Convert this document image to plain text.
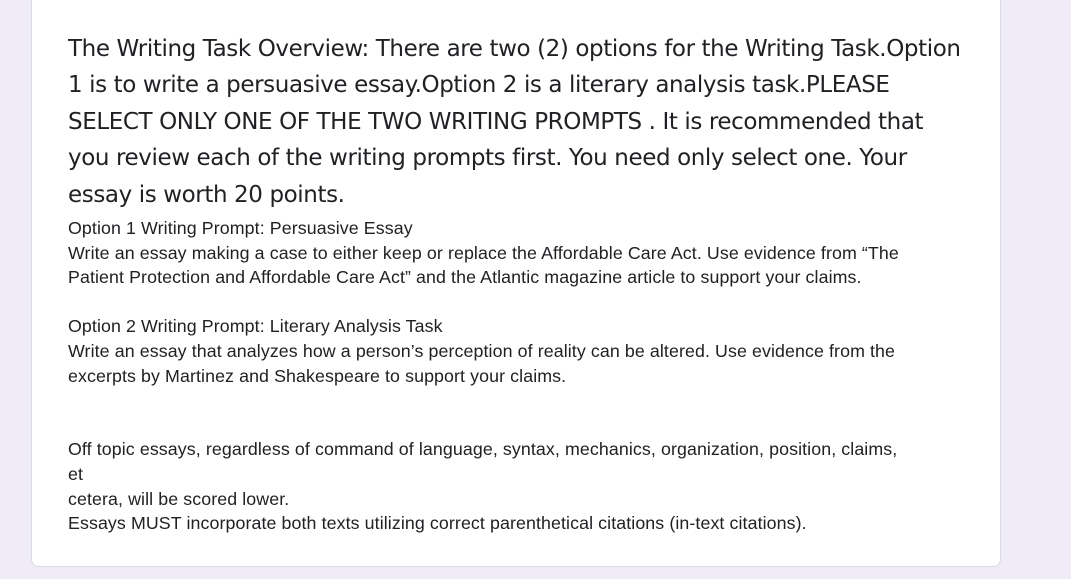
The Writing Task Overview: There are two (2) options for the Writing Task.Option 1 is to write a persuasive essay.Option 2 is a literary analysis task.PLEASE SELECT ONLY ONE OF THE TWO WRITING PROMPTS . It is recommended that you review each of the writing prompts first. You need only select one. Your essay is worth 20 points.
Option 1 Writing Prompt: Persuasive Essay
Write an essay making a case to either keep or replace the Affordable Care Act. Use evidence from “The
Patient Protection and Affordable Care Act” and the Atlantic magazine article to support your claims.
Option 2 Writing Prompt: Literary Analysis Task
Write an essay that analyzes how a person’s perception of reality can be altered. Use evidence from the
excerpts by Martinez and Shakespeare to support your claims.
Off topic essays, regardless of command of language, syntax, mechanics, organization, position, claims,
et
cetera, will be scored lower.
Essays MUST incorporate both texts utilizing correct parenthetical citations (in-text citations).
